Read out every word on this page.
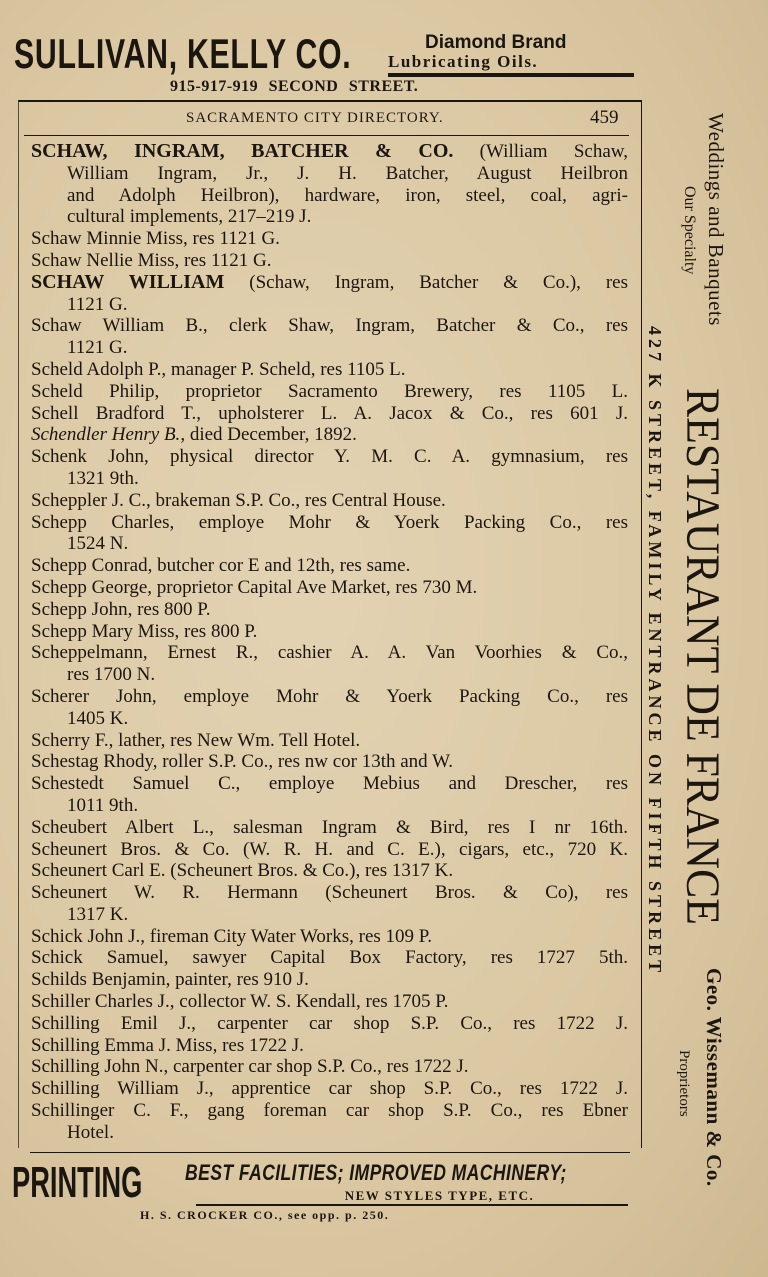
SULLIVAN, KELLY CO.	Diamond Brand
Lubricating Oils.
915-917-919 SECOND STREET.
SACRAMENTO CITY DIRECTORY.	459
SCHAW, INGRAM, BATCHER & CO. (William Schaw,
William Ingram, Jr., J. H. Batcher, August Heilbron
and Adolph Heilbron), hardware, iron, steel, coal, agri-
cultural implements, 217–219 J.
Schaw Minnie Miss, res 1121 G.
Schaw Nellie Miss, res 1121 G.
SCHAW WILLIAM (Schaw, Ingram, Batcher & Co.), res
1121 G.
Schaw William B., clerk Shaw, Ingram, Batcher & Co., res
1121 G.
Scheld Adolph P., manager P. Scheld, res 1105 L.
Scheld Philip, proprietor Sacramento Brewery, res 1105 L.
Schell Bradford T., upholsterer L. A. Jacox & Co., res 601 J.
Schendler Henry B., died December, 1892.
Schenk John, physical director Y. M. C. A. gymnasium, res
1321 9th.
Scheppler J. C., brakeman S.P. Co., res Central House.
Schepp Charles, employe Mohr & Yoerk Packing Co., res
1524 N.
Schepp Conrad, butcher cor E and 12th, res same.
Schepp George, proprietor Capital Ave Market, res 730 M.
Schepp John, res 800 P.
Schepp Mary Miss, res 800 P.
Scheppelmann, Ernest R., cashier A. A. Van Voorhies & Co.,
res 1700 N.
Scherer John, employe Mohr & Yoerk Packing Co., res
1405 K.
Scherry F., lather, res New Wm. Tell Hotel.
Schestag Rhody, roller S.P. Co., res nw cor 13th and W.
Schestedt Samuel C., employe Mebius and Drescher, res
1011 9th.
Scheubert Albert L., salesman Ingram & Bird, res I nr 16th.
Scheunert Bros. & Co. (W. R. H. and C. E.), cigars, etc., 720 K.
Scheunert Carl E. (Scheunert Bros. & Co.), res 1317 K.
Scheunert W. R. Hermann (Scheunert Bros. & Co), res
1317 K.
Schick John J., fireman City Water Works, res 109 P.
Schick Samuel, sawyer Capital Box Factory, res 1727 5th.
Schilds Benjamin, painter, res 910 J.
Schiller Charles J., collector W. S. Kendall, res 1705 P.
Schilling Emil J., carpenter car shop S.P. Co., res 1722 J.
Schilling Emma J. Miss, res 1722 J.
Schilling John N., carpenter car shop S.P. Co., res 1722 J.
Schilling William J., apprentice car shop S.P. Co., res 1722 J.
Schillinger C. F., gang foreman car shop S.P. Co., res Ebner
Hotel.
Weddings and Banquets
Our Specialty
427 K STREET, FAMILY ENTRANCE ON FIFTH STREET RESTAURANT DE FRANCE
Geo. Wissemann & Co.
Proprietors
PRINTING BEST FACILITIES; IMPROVED MACHINERY;
NEW STYLES TYPE, ETC.
H. S. CROCKER CO., see opp. p. 250.
